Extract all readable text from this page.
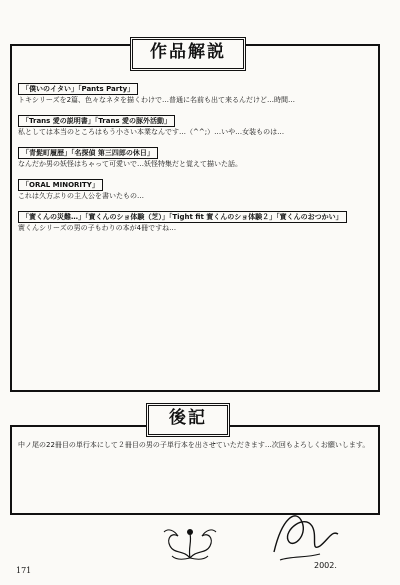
作品解説
「僕いのイタい」「Pants Party」
トキシリーズを2篇、色々なネタを描くわけで…普通に名前も出て来るんだけど…時間…
「Trans 愛の説明書」「Trans 愛の豚外活動」
私としては本当のところはもう小さい本業なんです…（^^;）…いや…女装ものは…
「青髭町履歴」「名探偵 第三四郎の休日」
なんだか男の妖怪はちゃって可愛いで…妖怪特集だと覚えて描いた話。
「ORAL MINORITY」
これは久方ぶりの主人公を書いたもの…
「實くんの災難…」「實くんのショ体験（芝）」「Tight fit 實くんのショ体験２」「實くんのおつかい」
實くんシリーズの男の子もわりの本が4冊ですね…
後記
中ノ尾の22冊目の単行本にして２冊目の男の子単行本を出させていただきます…次回もよろしくお願いします。
2002.
171
